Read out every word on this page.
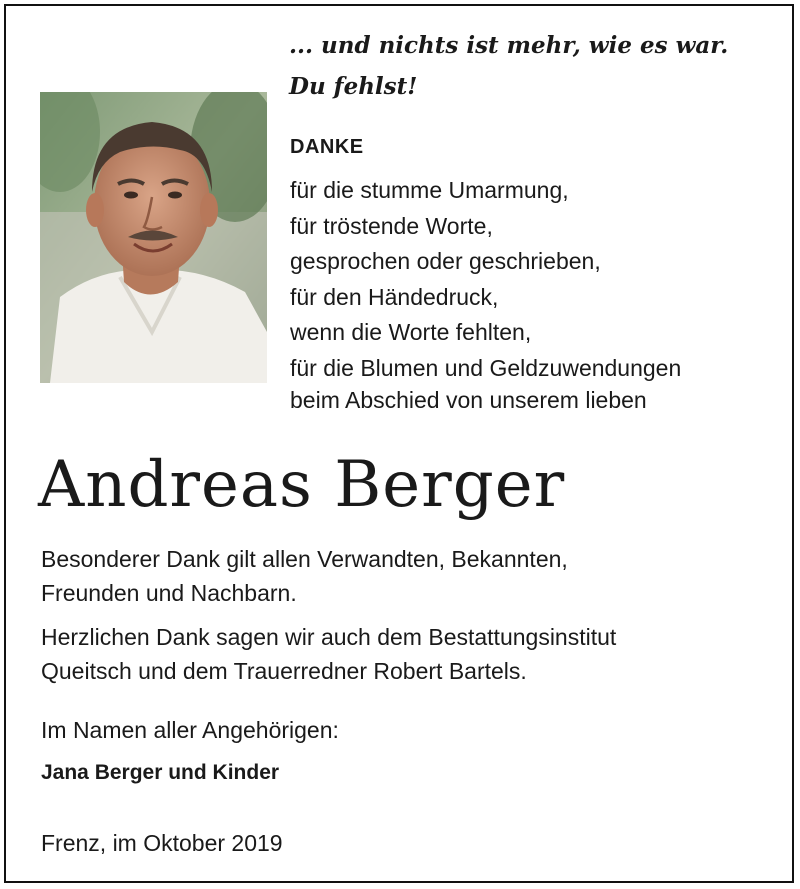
... und nichts ist mehr, wie es war.
Du fehlst!
DANKE
für die stumme Umarmung,
für tröstende Worte,
gesprochen oder geschrieben,
für den Händedruck,
wenn die Worte fehlten,
für die Blumen und Geldzuwendungen
beim Abschied von unserem lieben
Andreas Berger
Besonderer Dank gilt allen Verwandten, Bekannten,
Freunden und Nachbarn.
Herzlichen Dank sagen wir auch dem Bestattungsinstitut
Queitsch und dem Trauerredner Robert Bartels.
Im Namen aller Angehörigen:
Jana Berger und Kinder
Frenz, im Oktober 2019
